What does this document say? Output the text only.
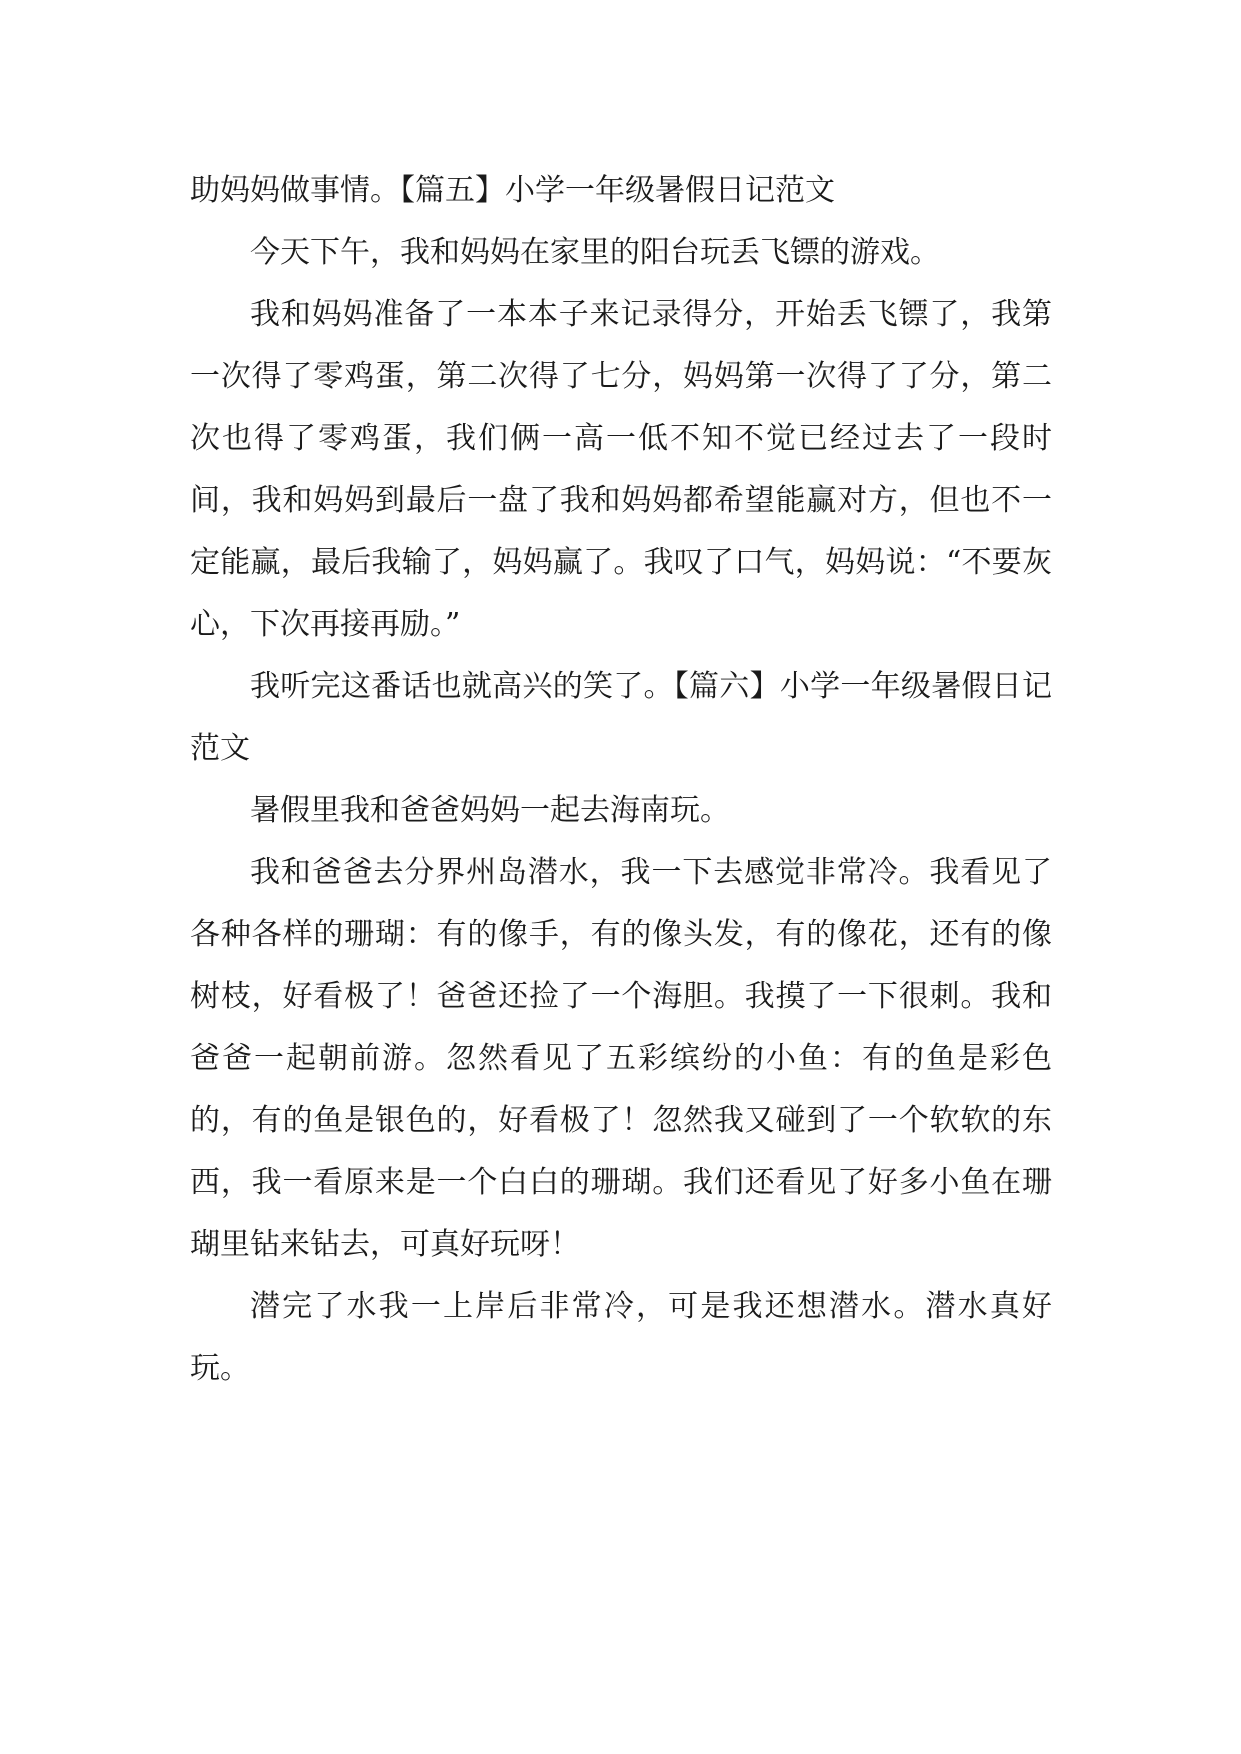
助妈妈做事情。【篇五】小学一年级暑假日记范文

今天下午，我和妈妈在家里的阳台玩丢飞镖的游戏。

我和妈妈准备了一本本子来记录得分，开始丢飞镖了，我第一次得了零鸡蛋，第二次得了七分，妈妈第一次得了了分，第二次也得了零鸡蛋，我们俩一高一低不知不觉已经过去了一段时间，我和妈妈到最后一盘了我和妈妈都希望能赢对方，但也不一定能赢，最后我输了，妈妈赢了。我叹了口气，妈妈说：“不要灰心，下次再接再励。”

我听完这番话也就高兴的笑了。【篇六】小学一年级暑假日记范文

暑假里我和爸爸妈妈一起去海南玩。

我和爸爸去分界州岛潜水，我一下去感觉非常冷。我看见了各种各样的珊瑚：有的像手，有的像头发，有的像花，还有的像树枝，好看极了！爸爸还捡了一个海胆。我摸了一下很刺。我和爸爸一起朝前游。忽然看见了五彩缤纷的小鱼：有的鱼是彩色的，有的鱼是银色的，好看极了！忽然我又碰到了一个软软的东西，我一看原来是一个白白的珊瑚。我们还看见了好多小鱼在珊瑚里钻来钻去，可真好玩呀！

潜完了水我一上岸后非常冷，可是我还想潜水。潜水真好玩。
